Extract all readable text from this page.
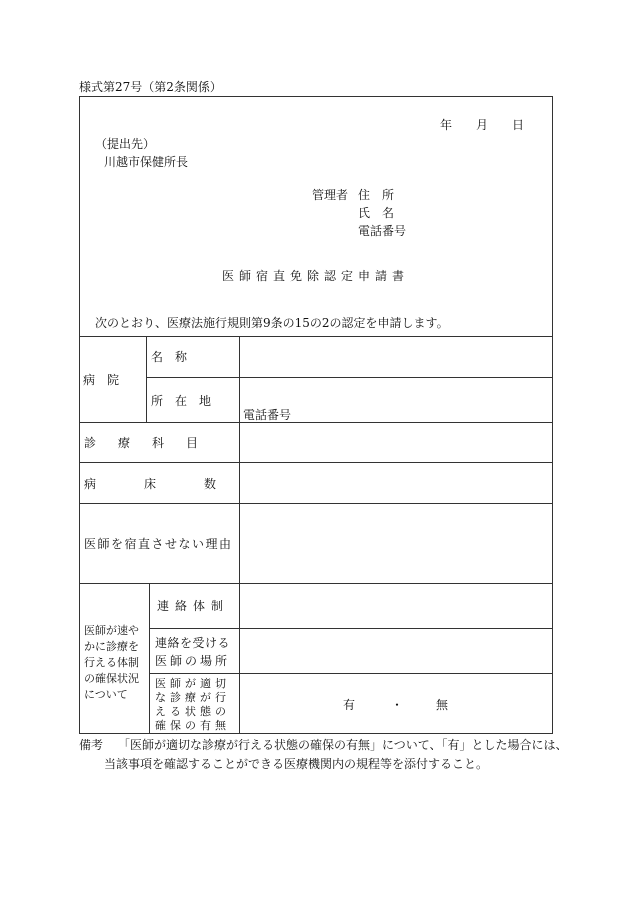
様式第27号（第2条関係）
年 月 日
（提出先）
川越市保健所長
管理者 住　所
氏　名
電話番号
医師宿直免除認定申請書
次のとおり、医療法施行規則第9条の15の2の認定を申請します。
病　院
名　称
所　在　地
電話番号
診療科目
病床数
医師を宿直させない理由
医師が速や
かに診療を
行える体制
の確保状況
について
連絡体制
連絡を受ける
医師の場所
医師が適切
な診療が行
える状態の
確保の有無
有	・	無
備考 「医師が適切な診療が行える状態の確保の有無」について、「有」とした場合には、
当該事項を確認することができる医療機関内の規程等を添付すること。
